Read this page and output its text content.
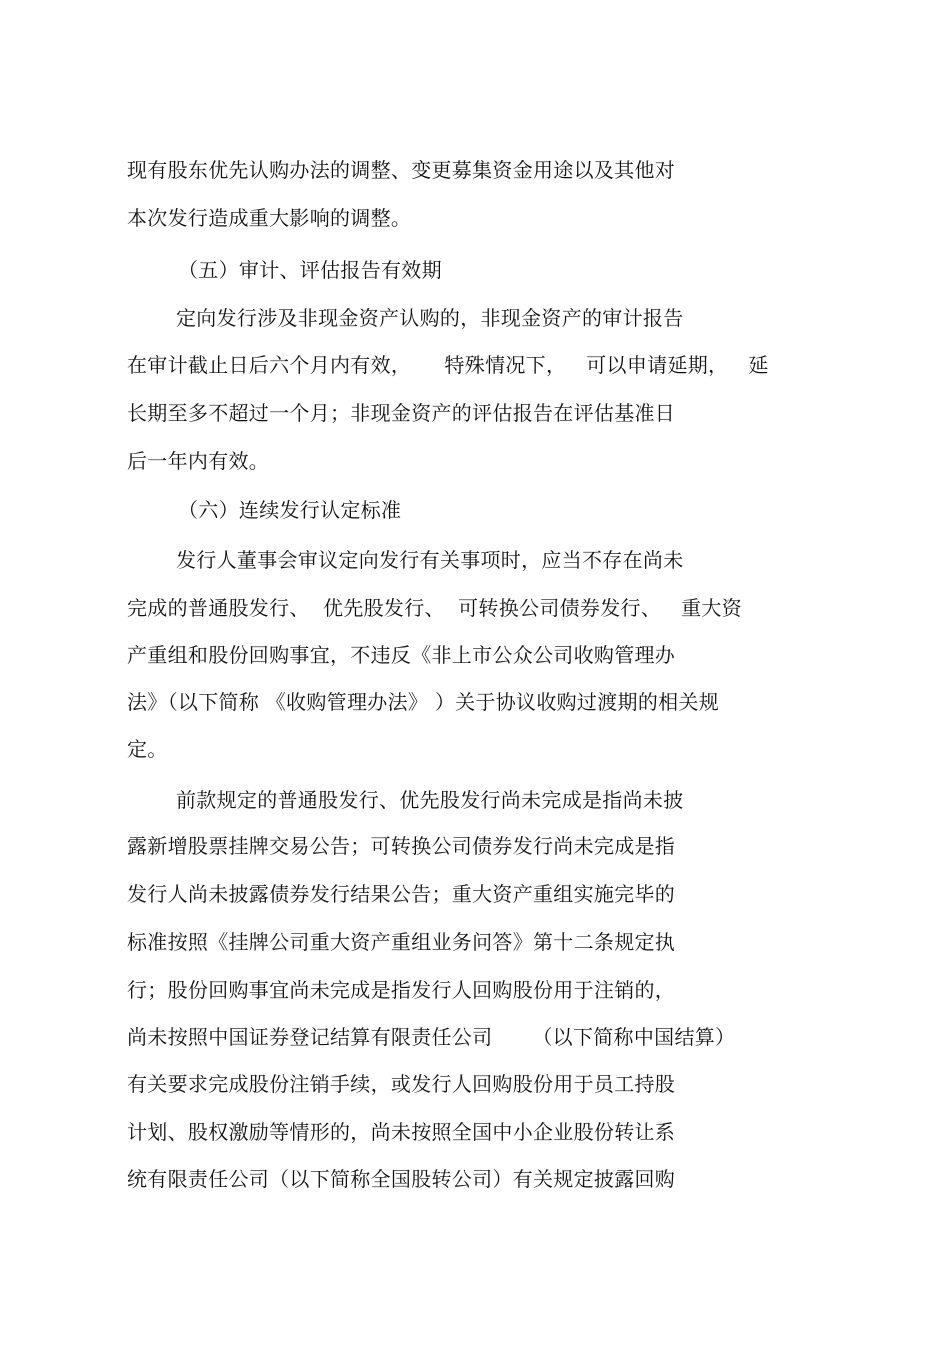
现有股东优先认购办法的调整、变更募集资金用途以及其他对
本次发行造成重大影响的调整。
（五）审计、评估报告有效期
定向发行涉及非现金资产认购的，非现金资产的审计报告
在审计截止日后六个月内有效，     特殊情况下，   可以申请延期，   延
长期至多不超过一个月；非现金资产的评估报告在评估基准日
后一年内有效。
（六）连续发行认定标准
发行人董事会审议定向发行有关事项时，应当不存在尚未
完成的普通股发行、  优先股发行、  可转换公司债券发行、   重大资
产重组和股份回购事宜，不违反《非上市公众公司收购管理办
法》（以下简称 《收购管理办法》 ）关于协议收购过渡期的相关规
定。
前款规定的普通股发行、优先股发行尚未完成是指尚未披
露新增股票挂牌交易公告；可转换公司债券发行尚未完成是指
发行人尚未披露债券发行结果公告；重大资产重组实施完毕的
标准按照《挂牌公司重大资产重组业务问答》第十二条规定执
行；股份回购事宜尚未完成是指发行人回购股份用于注销的，
尚未按照中国证券登记结算有限责任公司      （以下简称中国结算）
有关要求完成股份注销手续，或发行人回购股份用于员工持股
计划、股权激励等情形的，尚未按照全国中小企业股份转让系
统有限责任公司（以下简称全国股转公司）有关规定披露回购
